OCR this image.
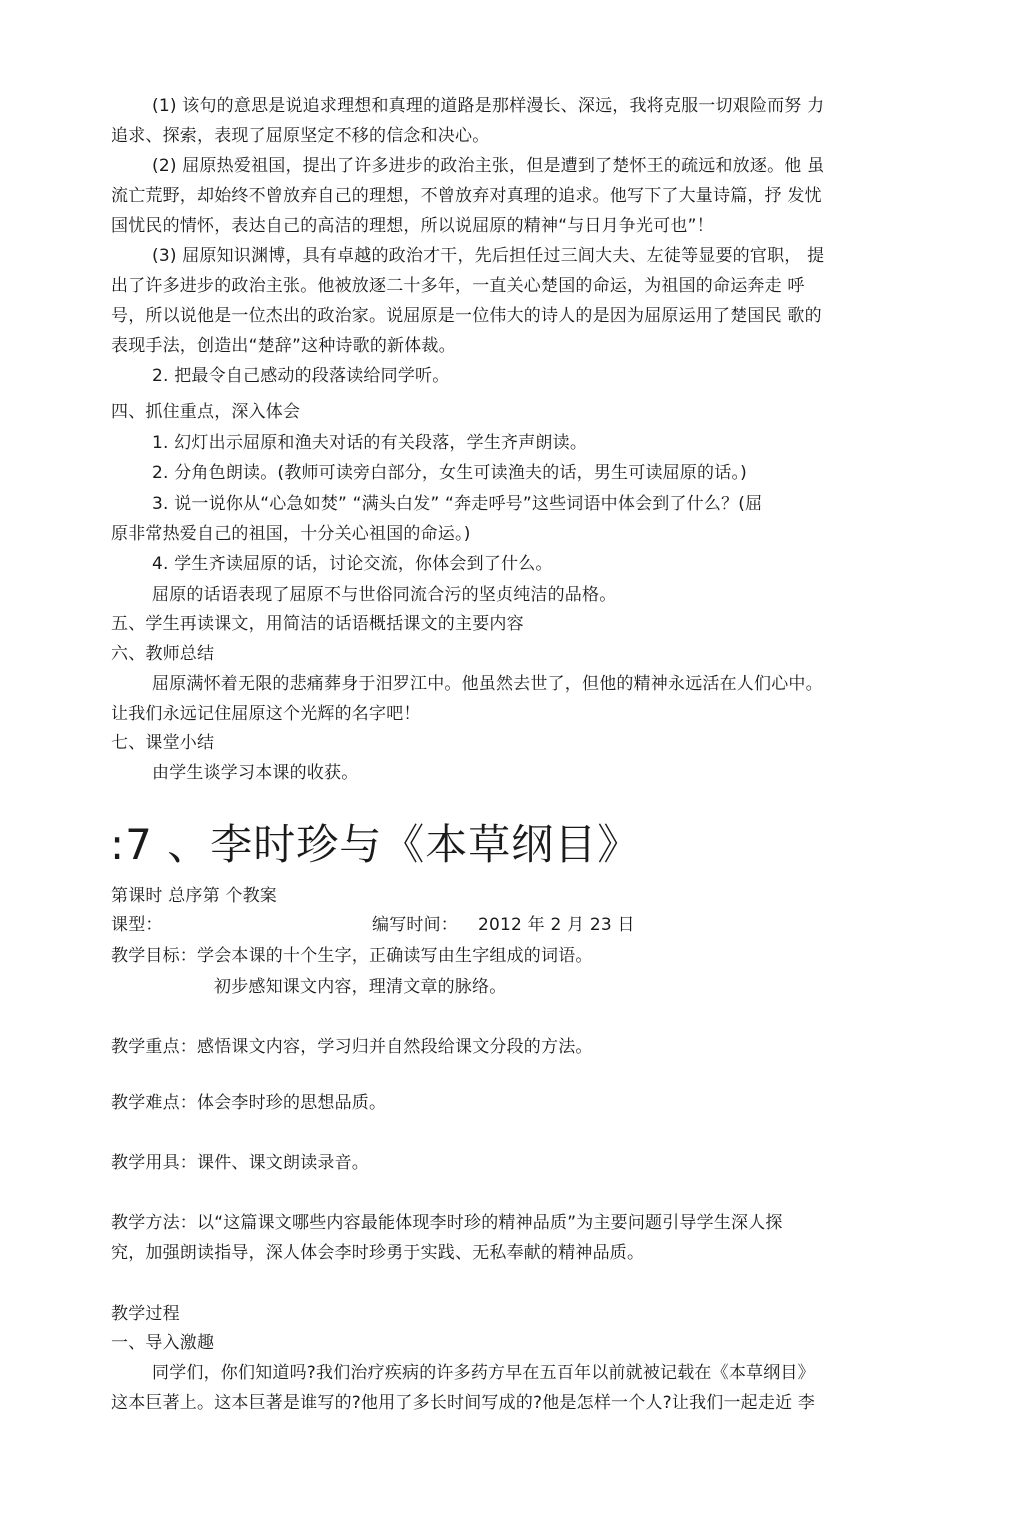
(1) 该句的意思是说追求理想和真理的道路是那样漫长、深远，我将克服一切艰险而努 力
追求、探索，表现了屈原坚定不移的信念和决心。
(2) 屈原热爱祖国，提出了许多进步的政治主张，但是遭到了楚怀王的疏远和放逐。他 虽
流亡荒野，却始终不曾放弃自己的理想，不曾放弃对真理的追求。他写下了大量诗篇，抒 发忧
国忧民的情怀，表达自己的高洁的理想，所以说屈原的精神“与日月争光可也”！
(3) 屈原知识渊博，具有卓越的政治才干，先后担任过三闾大夫、左徒等显要的官职， 提
出了许多进步的政治主张。他被放逐二十多年，一直关心楚国的命运，为祖国的命运奔走 呼
号，所以说他是一位杰出的政治家。说屈原是一位伟大的诗人的是因为屈原运用了楚国民 歌的
表现手法，创造出“楚辞”这种诗歌的新体裁。
2. 把最令自己感动的段落读给同学听。
四、抓住重点，深入体会
1. 幻灯出示屈原和渔夫对话的有关段落，学生齐声朗读。
2. 分角色朗读。(教师可读旁白部分，女生可读渔夫的话，男生可读屈原的话。)
3. 说一说你从“心急如焚” “满头白发” “奔走呼号”这些词语中体会到了什么？(屈
原非常热爱自己的祖国，十分关心祖国的命运。)
4. 学生齐读屈原的话，讨论交流，你体会到了什么。
屈原的话语表现了屈原不与世俗同流合污的坚贞纯洁的品格。
五、学生再读课文，用简洁的话语概括课文的主要内容
六、教师总结
屈原满怀着无限的悲痛葬身于汨罗江中。他虽然去世了，但他的精神永远活在人们心中。
让我们永远记住屈原这个光辉的名字吧！
七、课堂小结
由学生谈学习本课的收获。
:7 、李时珍与《本草纲目》
第课时 总序第 个教案
课型：	编写时间： 2012 年 2 月 23 日
教学目标：学会本课的十个生字，正确读写由生字组成的词语。
初步感知课文内容，理清文章的脉络。
教学重点：感悟课文内容，学习归并自然段给课文分段的方法。
教学难点：体会李时珍的思想品质。
教学用具：课件、课文朗读录音。
教学方法：以“这篇课文哪些内容最能体现李时珍的精神品质”为主要问题引导学生深人探
究，加强朗读指导，深人体会李时珍勇于实践、无私奉献的精神品质。
教学过程
一、导入激趣
同学们，你们知道吗?我们治疗疾病的许多药方早在五百年以前就被记载在《本草纲目》
这本巨著上。这本巨著是谁写的?他用了多长时间写成的?他是怎样一个人?让我们一起走近 李
